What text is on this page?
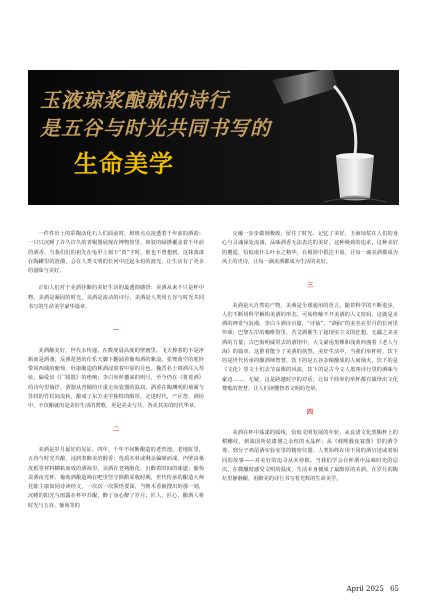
玉液琼浆酿就的诗行
是五谷与时光共同书写的
生命美学

一件件出土的彩陶活化石人们面前时，斑斑点点凌透着千年前的酒韵；一只只沉睡了许久许久的青铜器展现在博物馆里，斑驳的绿锈覆盖着千年前的酒香。当我们们的祖先在龟甲上刻下“酉”字时，谁也不曾想到，这抹落漾在陶罐里的涟漪，会在人类文明的长河中泛起永恒的波光，让生活有了更多的滋味与美好。

正如人们对于美酒佳酿的美好生活的最透彻感悟：美酒从来不只是杯中物，美酒是凝固的时光，美酒是流动的诗行，美酒是人类用五谷与时光共同书写的生命美学豪华篇章。

一

美酒酿美好，世代永传递。在数度晨高度的壁画里，飞天捧着的不是净瓶而是酒盏，反弹琵琶的仕乐天脚下翻涌着葡萄酒的紫浪。张骞凿空的驼铃带回西域的葡萄，杜康酿造的秫酒浸润着中原的月色。魏晋名士将酒注入琴弦，偏爱出《广陵散》的绝响；李白举杯邀来的明月，至今仍在《将进酒》的诗句里徜徉。酒器从青铜的庄重走向瓷器的温润，酒香在陶渊明的菊篱与苏轼的竹杖间流转，酿成了东方美学独特的醇厚，走进时代，产区窖、酒坊中，不仅酿就的是美好生活的赞歌，更是美美与共、各美其美的时代华章。

二

美酒是岁月最好的见证。四年、千年不间断酿造的老窖池，老地缸里，五谷与时光共酿，浸润着醉美的醇香；优质木材或剩余偏制而成、内壁由桑皮纸等材料糊粘而成的酒海里，美酒在老熟醇化，沉醉着时间的味道；葡萄美酒夜光杯、葡萄酒酿造师在吧里坚守斟酌采收时期，世代传承的酿造大师托陈主康如同诗读经文，一次次一次领悟要深，当继木香被搜出的那一刻，沉睡的阳光与雨露在杯中苏醒，醉了身心醉了岁月；匠人、匠心，酿酒人将时光与五谷、葡萄等的

交融一步步做到极致，留住了时光、记忆了美好，玉液琼浆在人们的身心与灵魂深处流淌，品味酒香无法表达的美好。这种极致的追求，这种美好的邂逅，恰似取什么叶水之精华，在极简中抵达丰盈，让每一滴美酒都成为风土的史诗，让每一滴美酒都成为生活的美好。

三

美酒是大自然的产物，美酒是全球通用的语言。随着科学的不断进步，人们不断用科学解构美酒的形态，可始终解不开美酒的人文密码，这就是美酒的神奇与浪漫。李白斗酒诗百篇，“诗仙”、“酒仙”的美名在岁月的长河里传颂；巴黎左岸的咖啡馆里，苦艾酒催生了超现实主义的狂想，无疆之美美酒的力量；古巴海明威常去的酒馆中，大文豪用黑裸和浅黄西漫着《老人与海》的篇章。这推着能少了美酒的侠然，美好生活中，当我们举杯时，饮下的是世代传承的酿酒师智慧，饮下的是五谷杂粮酿成的人间烟火，饮下的是《文化》里文士们去节高歌的风流，饮下的是古今文人墨客诗行里的酒味与豪迈……，无疑，这是跨越时空的对话，让每个简单的举杯都有演绎出文化赞歌的智慧，让人们读懂智者文明的光晕。

四

美酒在杯中荡漾的弧线，恰似文明发展的年轮。从良渚文化黑陶杯上的稻穗纹，到战国所装漆器之永恒的水晶杯；从《韩熙载夜宴图》里的酒令筹，到分子鸡尾酒实验室里的精密仪器，人类始终在用不同的酒宣述或着相同的故事——对美好的追寻从未停歇。当我们学会在杯酒中品味时光的层次，在微醺时感受文明的温度，生活本身便成了最醇厚的美酒。在岁月的陶坛里静静酿，用醉美的诗行书写着光辉的生命美学。

April 2025 65
